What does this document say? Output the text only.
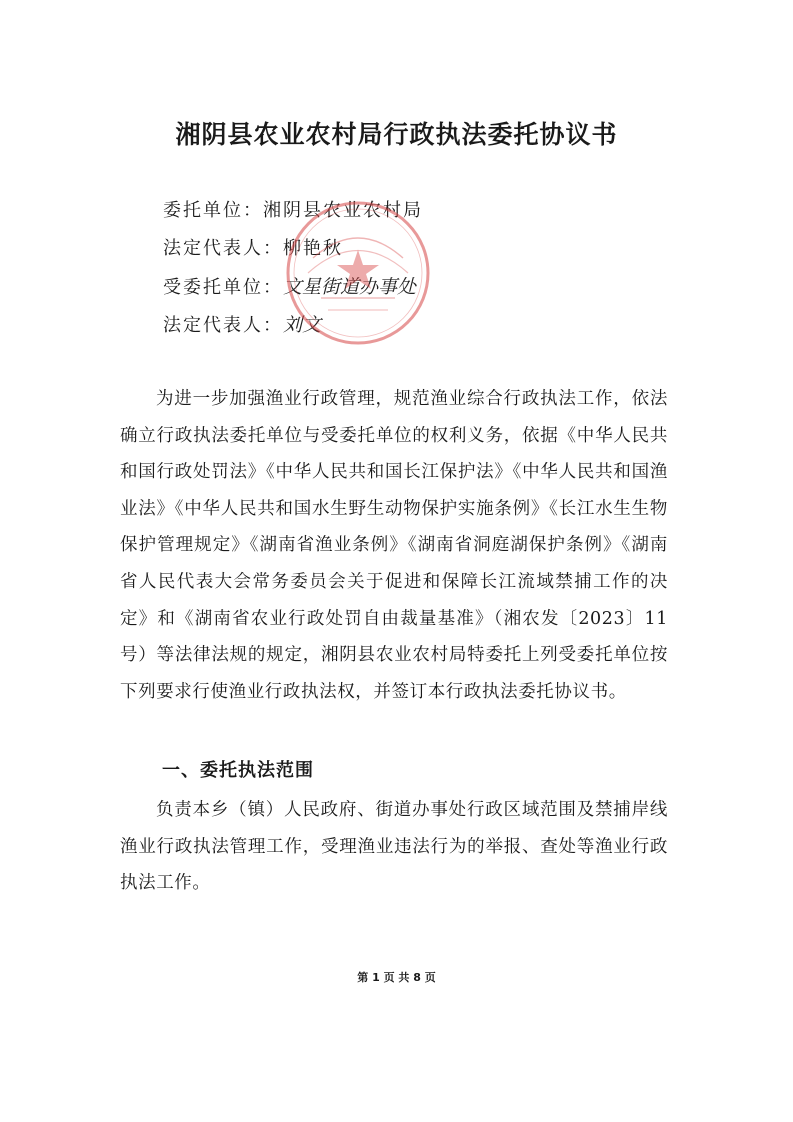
湘阴县农业农村局行政执法委托协议书
委托单位：湘阴县农业农村局
法定代表人：柳艳秋
受委托单位：文星街道办事处
法定代表人：刘文

为进一步加强渔业行政管理，规范渔业综合行政执法工作，依法确立行政执法委托单位与受委托单位的权利义务，依据《中华人民共和国行政处罚法》《中华人民共和国长江保护法》《中华人民共和国渔业法》《中华人民共和国水生野生动物保护实施条例》《长江水生生物保护管理规定》《湖南省渔业条例》《湖南省洞庭湖保护条例》《湖南省人民代表大会常务委员会关于促进和保障长江流域禁捕工作的决定》和《湖南省农业行政处罚自由裁量基准》（湘农发〔2023〕11号）等法律法规的规定，湘阴县农业农村局特委托上列受委托单位按下列要求行使渔业行政执法权，并签订本行政执法委托协议书。

一、委托执法范围

负责本乡（镇）人民政府、街道办事处行政区域范围及禁捕岸线渔业行政执法管理工作，受理渔业违法行为的举报、查处等渔业行政执法工作。

第 1 页 共 8 页
